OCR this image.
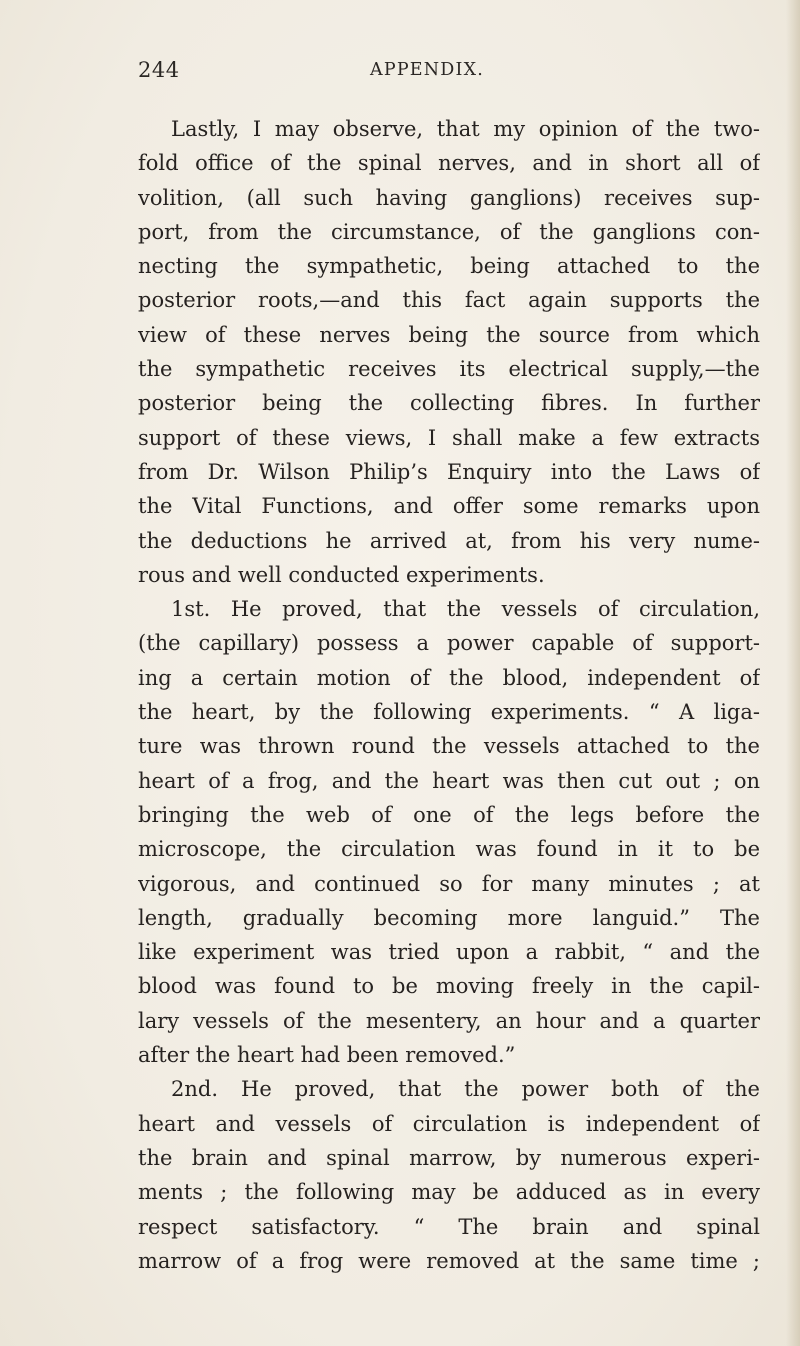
244	APPENDIX.
Lastly, I may observe, that my opinion of the two-
fold office of the spinal nerves, and in short all of
volition, (all such having ganglions) receives sup-
port, from the circumstance, of the ganglions con-
necting the sympathetic, being attached to the
posterior roots,—and this fact again supports the
view of these nerves being the source from which
the sympathetic receives its electrical supply,—the
posterior being the collecting fibres. In further
support of these views, I shall make a few extracts
from Dr. Wilson Philip’s Enquiry into the Laws of
the Vital Functions, and offer some remarks upon
the deductions he arrived at, from his very nume-
rous and well conducted experiments.
1st. He proved, that the vessels of circulation,
(the capillary) possess a power capable of support-
ing a certain motion of the blood, independent of
the heart, by the following experiments. “ A liga-
ture was thrown round the vessels attached to the
heart of a frog, and the heart was then cut out ; on
bringing the web of one of the legs before the
microscope, the circulation was found in it to be
vigorous, and continued so for many minutes ; at
length, gradually becoming more languid.” The
like experiment was tried upon a rabbit, “ and the
blood was found to be moving freely in the capil-
lary vessels of the mesentery, an hour and a quarter
after the heart had been removed.”
2nd. He proved, that the power both of the
heart and vessels of circulation is independent of
the brain and spinal marrow, by numerous experi-
ments ; the following may be adduced as in every
respect satisfactory. “ The brain and spinal
marrow of a frog were removed at the same time ;
